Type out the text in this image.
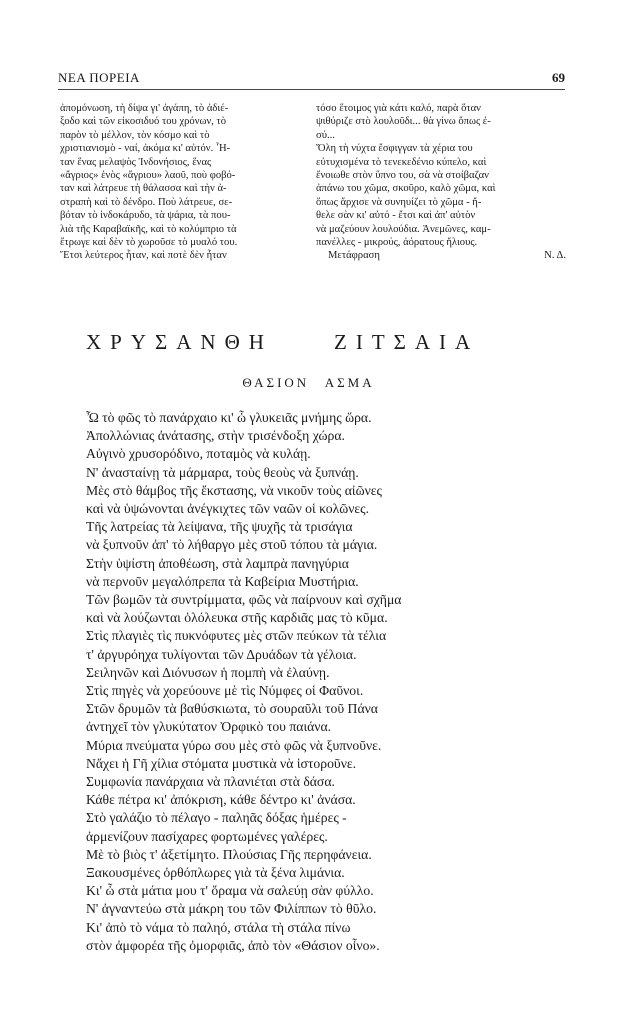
ΝΕΑ ΠΟΡΕΙΑ	69
ἀπομόνωση, τὴ δίψα γι' ἀγάπη, τὸ ἀδιέ-
ξοδο καὶ τῶν εἰκοσιδυό του χρόνων, τὸ
παρὸν τὸ μέλλον, τὸν κόσμο καὶ τὸ
χριστιανισμὸ - ναί, ἀκόμα κι' αὐτόν. Ἦ-
ταν ἕνας μελαψὸς Ἰνδονήσιος, ἕνας
«ἄγριος» ἑνὸς «ἄγριου» λαοῦ, ποὺ φοβό-
ταν καὶ λάτρευε τὴ θάλασσα καὶ τὴν ἀ-
στραπὴ καὶ τὸ δένδρο. Ποὺ λάτρευε, σε-
βόταν τὸ ἰνδοκάρυδο, τὰ ψάρια, τὰ που-
λιὰ τῆς Καραβαϊκῆς, καὶ τὸ κολύμπριο τὰ
ἔτρωγε καὶ δὲν τὸ χωροῦσε τὸ μυαλό του.
Ἔτσι λεύτερος ἦταν, καὶ ποτὲ δὲν ἦταν
τόσο ἕτοιμος γιὰ κάτι καλό, παρὰ ὅταν
ψιθύριζε στὸ λουλοῦδι... θὰ γίνω ὅπως ἐ-
σύ...
Ὅλη τὴ νύχτα ἔσφιγγαν τὰ χέρια του
εὐτυχισμένα τὸ τενεκεδένιο κύπελο, καὶ
ἔνοιωθε στὸν ὕπνο του, σὰ νὰ στοίβαζαν
ἀπάνω του χῶμα, σκοῦρο, καλὸ χῶμα, καὶ
ὅπως ἄρχισε νὰ συνηυίζει τὸ χῶμα - ἤ-
θελε σὰν κι' αὐτό - ἔτσι καὶ ἀπ' αὐτὸν
νὰ μαζεύουν λουλούδια. Ἀνεμῶνες, καμ-
πανέλλες - μικρούς, ἀόρατους ἥλιους.
Μετάφραση	Ν. Δ.
ΧΡΥΣΑΝΘΗ	ΖΙΤΣΑΙΑ
ΘΑΣΙΟΝ ΑΣΜΑ
Ὦ τὸ φῶς τὸ πανάρχαιο κι' ὦ γλυκειᾶς μνήμης ὥρα.
Ἀπολλώνιας ἀνάτασης, στὴν τρισένδοξη χώρα.
Αὐγινὸ χρυσορόδινο, ποταμὸς νὰ κυλάῃ.
Ν' ἀνασταίνῃ τὰ μάρμαρα, τοὺς θεοὺς νὰ ξυπνάῃ.
Μὲς στὸ θάμβος τῆς ἔκστασης, νὰ νικοῦν τοὺς αἰῶνες
καὶ νὰ ὑψώνονται ἀνέγκιχτες τῶν ναῶν οἱ κολῶνες.
Τῆς λατρείας τὰ λείψανα, τῆς ψυχῆς τὰ τρισάγια
νὰ ξυπνοῦν ἀπ' τὸ λήθαργο μὲς στοῦ τόπου τὰ μάγια.
Στὴν ὑψίστη ἀποθέωση, στὰ λαμπρὰ πανηγύρια
νὰ περνοῦν μεγαλόπρεπα τὰ Καβείρια Μυστήρια.
Τῶν βωμῶν τὰ συντρίμματα, φῶς νὰ παίρνουν καὶ σχῆμα
καὶ νὰ λούζωνται ὁλόλευκα στῆς καρδιᾶς μας τὸ κῦμα.
Στὶς πλαγιὲς τὶς πυκνόφυτες μὲς στῶν πεύκων τὰ τέλια
τ' ἀργυρόηχα τυλίγονται τῶν Δρυάδων τὰ γέλοια.
Σειληνῶν καὶ Διόνυσων ἡ πομπὴ νὰ ἐλαύνῃ.
Στὶς πηγὲς νὰ χορεύουνε μὲ τὶς Νύμφες οἱ Φαῦνοι.
Στῶν δρυμῶν τὰ βαθύσκιωτα, τὸ σουραῦλι τοῦ Πάνα
ἀντηχεῖ τὸν γλυκύτατον Ὀρφικὸ του παιάνα.
Μύρια πνεύματα γύρω σου μὲς στὸ φῶς νὰ ξυπνοῦνε.
Νἄχει ἡ Γῆ χίλια στόματα μυστικὰ νὰ ἱστοροῦνε.
Συμφωνία πανάρχαια νὰ πλανιέται στὰ δάσα.
Κάθε πέτρα κι' ἀπόκριση, κάθε δέντρο κι' ἀνάσα.
Στὸ γαλάζιο τὸ πέλαγο - παληᾶς δόξας ἡμέρες -
ἀρμενίζουν πασίχαρες φορτωμένες γαλέρες.
Μὲ τὸ βιὸς τ' ἀξετίμητο. Πλούσιας Γῆς περηφάνεια.
Ξακουσμένες ὀρθόπλωρες γιὰ τὰ ξένα λιμάνια.
Κι' ὦ στὰ μάτια μου τ' ὅραμα νὰ σαλεύῃ σὰν φύλλο.
Ν' ἀγναντεύω στὰ μάκρη του τῶν Φιλίππων τὸ θῦλο.
Κι' ἀπὸ τὸ νάμα τὸ παληό, στάλα τὴ στάλα πίνω
στὸν ἀμφορέα τῆς ὀμορφιᾶς, ἀπὸ τὸν «Θάσιον οἶνο».
